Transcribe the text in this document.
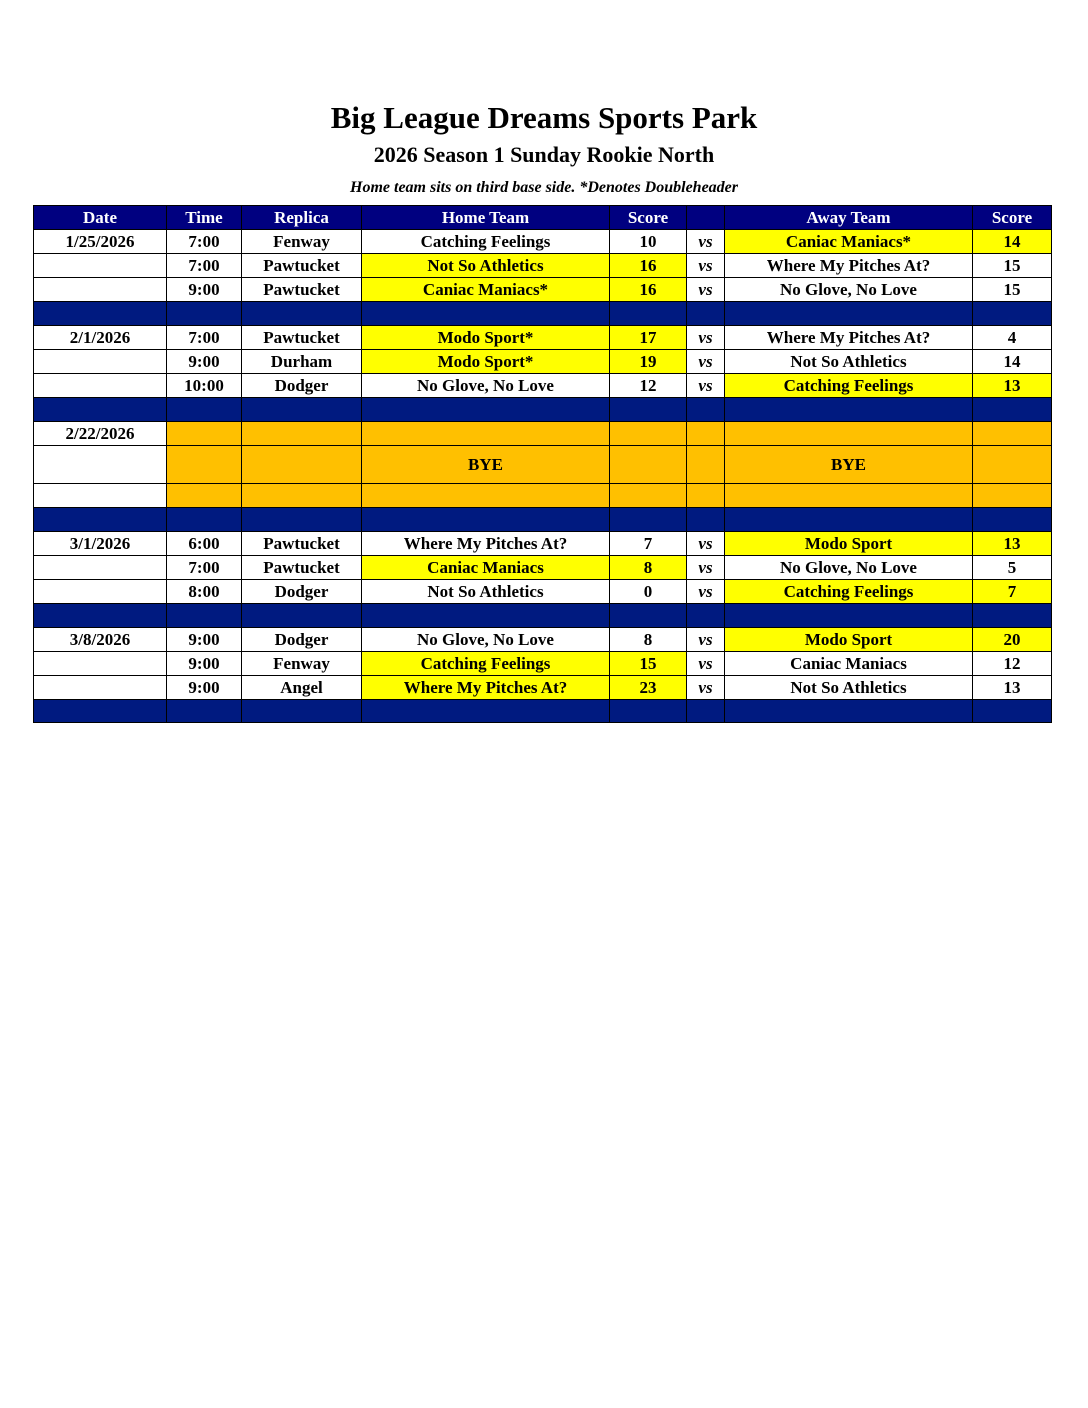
Big League Dreams Sports Park
2026 Season 1 Sunday Rookie North
Home team sits on third base side. *Denotes Doubleheader
Date	Time	Replica	Home Team	Score		Away Team	Score
1/25/2026	7:00	Fenway	Catching Feelings	10	vs	Caniac Maniacs*	14
	7:00	Pawtucket	Not So Athletics	16	vs	Where My Pitches At?	15
	9:00	Pawtucket	Caniac Maniacs*	16	vs	No Glove, No Love	15

2/1/2026	7:00	Pawtucket	Modo Sport*	17	vs	Where My Pitches At?	4
	9:00	Durham	Modo Sport*	19	vs	Not So Athletics	14
	10:00	Dodger	No Glove, No Love	12	vs	Catching Feelings	13

2/22/2026							
			BYE			BYE	

3/1/2026	6:00	Pawtucket	Where My Pitches At?	7	vs	Modo Sport	13
	7:00	Pawtucket	Caniac Maniacs	8	vs	No Glove, No Love	5
	8:00	Dodger	Not So Athletics	0	vs	Catching Feelings	7

3/8/2026	9:00	Dodger	No Glove, No Love	8	vs	Modo Sport	20
	9:00	Fenway	Catching Feelings	15	vs	Caniac Maniacs	12
	9:00	Angel	Where My Pitches At?	23	vs	Not So Athletics	13
